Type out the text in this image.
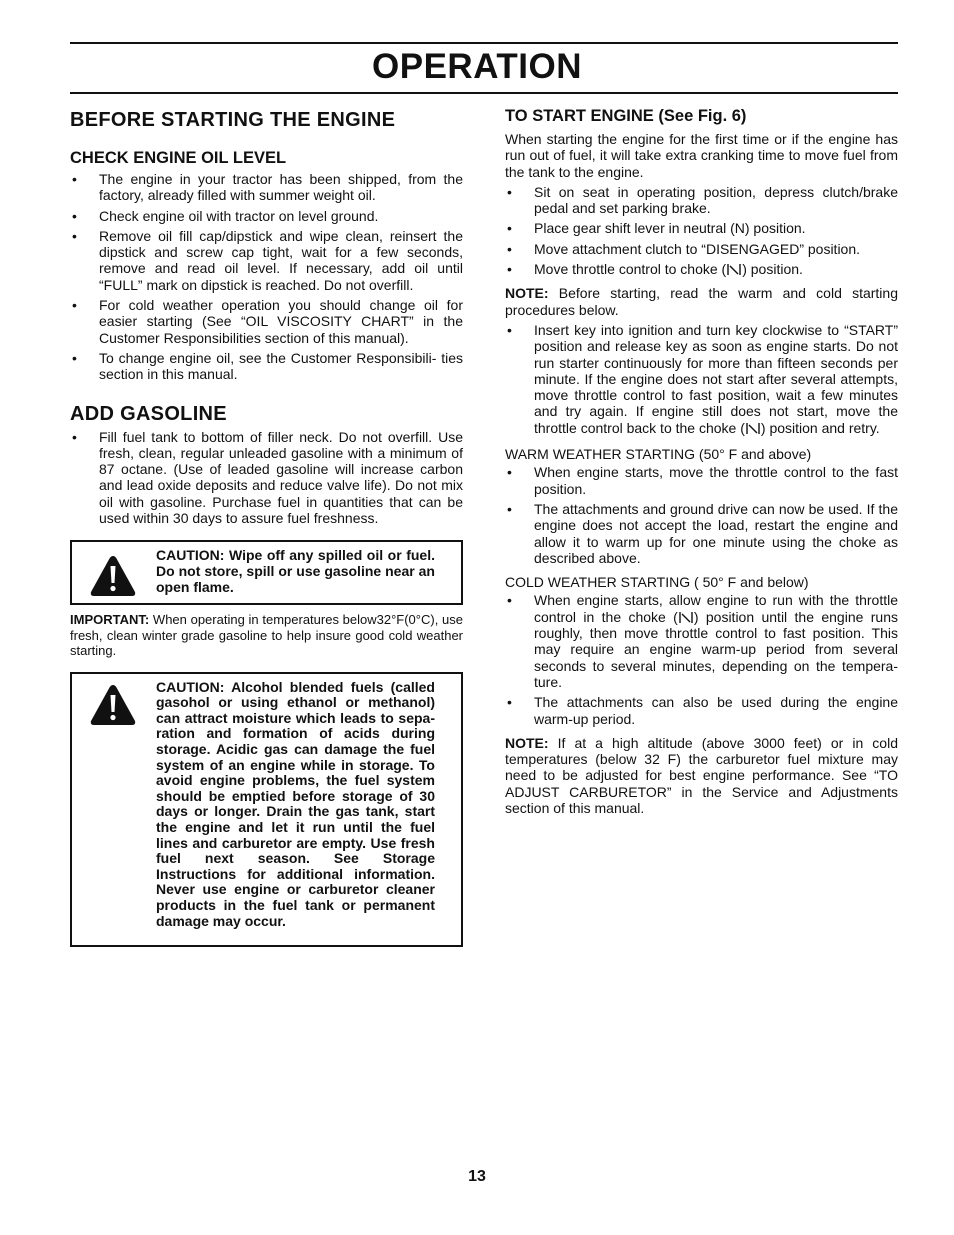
OPERATION
BEFORE STARTING THE ENGINE
CHECK ENGINE OIL LEVEL
• The engine in your tractor has been shipped, from the factory, already filled with summer weight oil.
• Check engine oil with tractor on level ground.
• Remove oil fill cap/dipstick and wipe clean, reinsert the dipstick and screw cap tight, wait for a few seconds, remove and read oil level. If necessary, add oil until “FULL” mark on dipstick is reached. Do not overfill.
• For cold weather operation you should change oil for easier starting (See “OIL VISCOSITY CHART” in the Customer Responsibilities section of this manual).
• To change engine oil, see the Customer Responsibili- ties section in this manual.
ADD GASOLINE
• Fill fuel tank to bottom of filler neck. Do not overfill. Use fresh, clean, regular unleaded gasoline with a minimum of 87 octane. (Use of leaded gasoline will increase carbon and lead oxide deposits and reduce valve life). Do not mix oil with gasoline. Purchase fuel in quantities that can be used within 30 days to assure fuel freshness.

CAUTION: Wipe off any spilled oil or fuel. Do not store, spill or use gasoline near an open flame.

IMPORTANT: When operating in temperatures below32°F(0°C), use fresh, clean winter grade gasoline to help insure good cold weather starting.

CAUTION: Alcohol blended fuels (called gasohol or using ethanol or methanol) can attract moisture which leads to sepa- ration and formation of acids during storage. Acidic gas can damage the fuel system of an engine while in storage. To avoid engine problems, the fuel system should be emptied before storage of 30 days or longer. Drain the gas tank, start the engine and let it run until the fuel lines and carburetor are empty. Use fresh fuel next season. See Storage Instructions for additional information. Never use engine or carburetor cleaner products in the fuel tank or permanent damage may occur.

TO START ENGINE (See Fig. 6)

When starting the engine for the first time or if the engine has run out of fuel, it will take extra cranking time to move fuel from the tank to the engine.

• Sit on seat in operating position, depress clutch/brake pedal and set parking brake.
• Place gear shift lever in neutral (N) position.
• Move attachment clutch to “DISENGAGED” position.
• Move throttle control to choke ( ) position.

NOTE: Before starting, read the warm and cold starting procedures below.

• Insert key into ignition and turn key clockwise to “START” position and release key as soon as engine starts. Do not run starter continuously for more than fifteen seconds per minute. If the engine does not start after several attempts, move throttle control to fast position, wait a few minutes and try again. If engine still does not start, move the throttle control back to the choke ( ) position and retry.

WARM WEATHER STARTING (50° F and above)

• When engine starts, move the throttle control to the fast position.
• The attachments and ground drive can now be used. If the engine does not accept the load, restart the engine and allow it to warm up for one minute using the choke as described above.

COLD WEATHER STARTING ( 50° F and below)

• When engine starts, allow engine to run with the throttle control in the choke ( ) position until the engine runs roughly, then move throttle control to fast position. This may require an engine warm-up period from several seconds to several minutes, depending on the tempera- ture.
• The attachments can also be used during the engine warm-up period.

NOTE: If at a high altitude (above 3000 feet) or in cold temperatures (below 32 F) the carburetor fuel mixture may need to be adjusted for best engine performance. See “TO ADJUST CARBURETOR” in the Service and Adjustments section of this manual.

13
